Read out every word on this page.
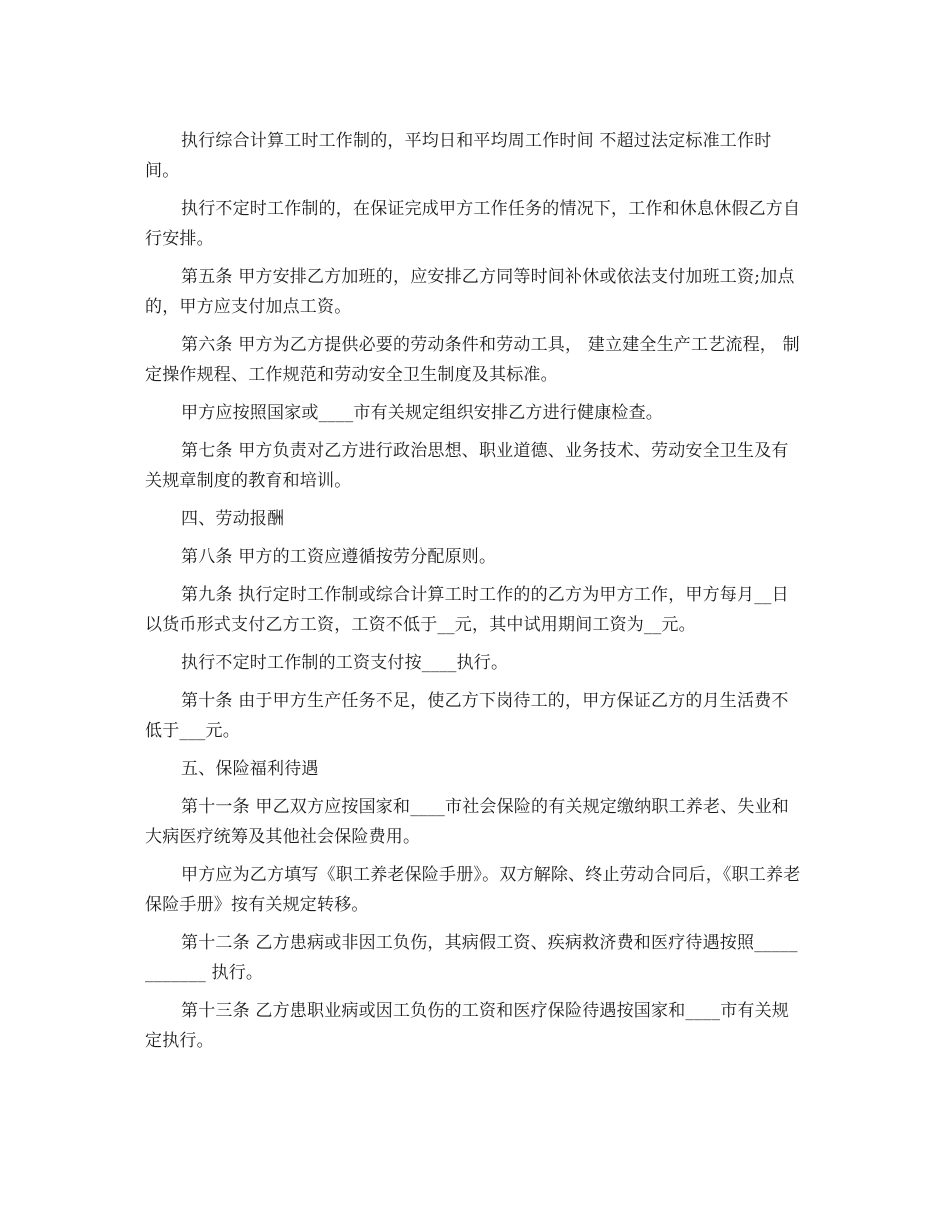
执行综合计算工时工作制的，平均日和平均周工作时间 不超过法定标准工作时间。

执行不定时工作制的，在保证完成甲方工作任务的情况下，工作和休息休假乙方自行安排。

第五条 甲方安排乙方加班的，应安排乙方同等时间补休或依法支付加班工资;加点的，甲方应支付加点工资。

第六条 甲方为乙方提供必要的劳动条件和劳动工具， 建立建全生产工艺流程， 制定操作规程、工作规范和劳动安全卫生制度及其标准。

甲方应按照国家或____市有关规定组织安排乙方进行健康检查。

第七条 甲方负责对乙方进行政治思想、职业道德、业务技术、劳动安全卫生及有关规章制度的教育和培训。

四、劳动报酬

第八条 甲方的工资应遵循按劳分配原则。

第九条 执行定时工作制或综合计算工时工作的的乙方为甲方工作，甲方每月__日以货币形式支付乙方工资，工资不低于__元，其中试用期间工资为__元。

执行不定时工作制的工资支付按____执行。

第十条 由于甲方生产任务不足，使乙方下岗待工的，甲方保证乙方的月生活费不低于___元。

五、保险福利待遇

第十一条 甲乙双方应按国家和____市社会保险的有关规定缴纳职工养老、失业和大病医疗统筹及其他社会保险费用。

甲方应为乙方填写《职工养老保险手册》。双方解除、终止劳动合同后，《职工养老保险手册》按有关规定转移。

第十二条 乙方患病或非因工负伤，其病假工资、疾病救济费和医疗待遇按照____________ 执行。

第十三条 乙方患职业病或因工负伤的工资和医疗保险待遇按国家和____市有关规定执行。
